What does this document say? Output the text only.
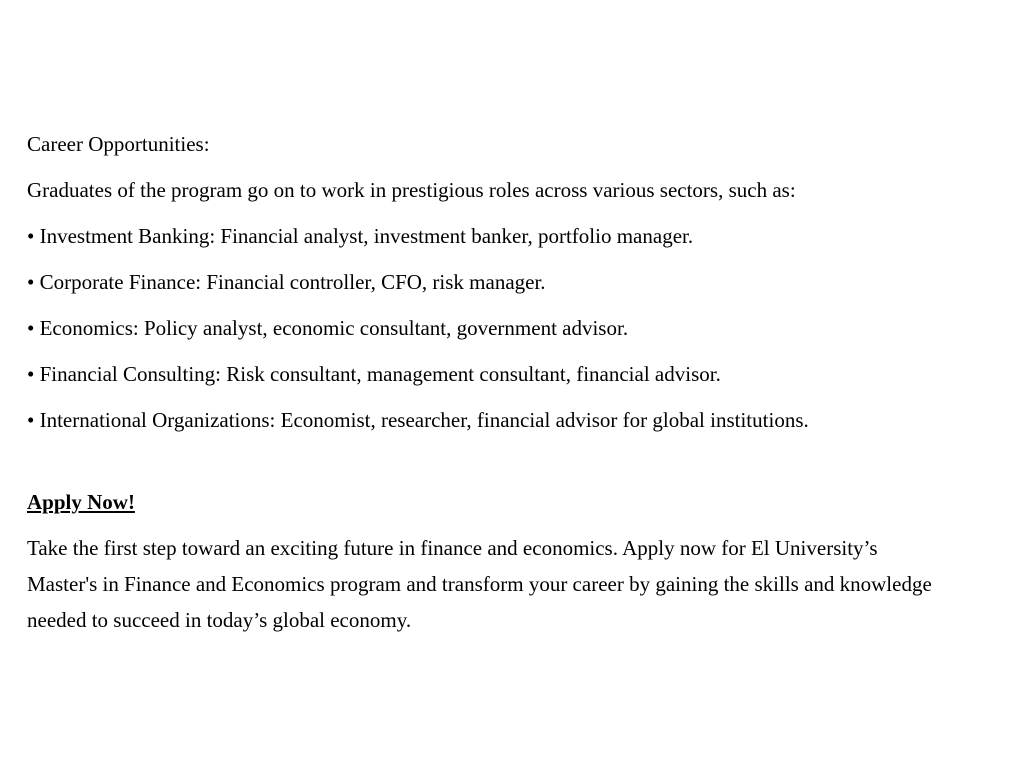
Career Opportunities:

Graduates of the program go on to work in prestigious roles across various sectors, such as:

• Investment Banking: Financial analyst, investment banker, portfolio manager.

• Corporate Finance: Financial controller, CFO, risk manager.

• Economics: Policy analyst, economic consultant, government advisor.

• Financial Consulting: Risk consultant, management consultant, financial advisor.

• International Organizations: Economist, researcher, financial advisor for global institutions.

Apply Now!

Take the first step toward an exciting future in finance and economics. Apply now for El University’s Master's in Finance and Economics program and transform your career by gaining the skills and knowledge needed to succeed in today’s global economy.
